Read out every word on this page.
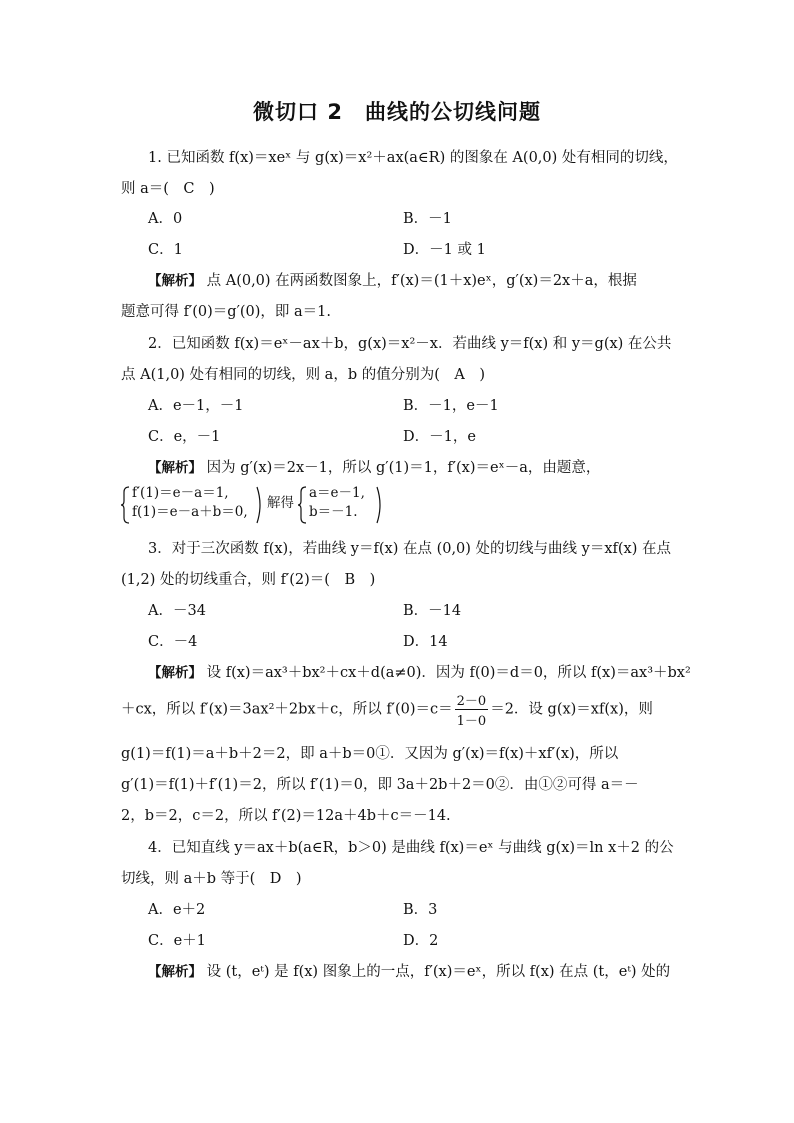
微切口 2　曲线的公切线问题
1. 已知函数 f(x)＝xeˣ 与 g(x)＝x²＋ax(a∈R) 的图象在 A(0,0) 处有相同的切线，
则 a＝(　C　)
A．0	B．－1
C．1	D．－1 或 1
【解析】 点 A(0,0) 在两函数图象上，f′(x)＝(1＋x)eˣ，g′(x)＝2x＋a，根据
题意可得 f′(0)＝g′(0)，即 a＝1.
2．已知函数 f(x)＝eˣ－ax＋b，g(x)＝x²－x．若曲线 y＝f(x) 和 y＝g(x) 在公共
点 A(1,0) 处有相同的切线，则 a，b 的值分别为(　A　)
A．e－1，－1	B．－1，e－1
C．e，－1	D．－1，e
【解析】 因为 g′(x)＝2x－1，所以 g′(1)＝1，f′(x)＝eˣ－a，由题意，
f′(1)＝e－a＝1,
f(1)＝e－a＋b＝0,
解得
a＝e－1,
b＝－1.
3．对于三次函数 f(x)，若曲线 y＝f(x) 在点 (0,0) 处的切线与曲线 y＝xf(x) 在点
(1,2) 处的切线重合，则 f′(2)＝(　B　)
A．－34	B．－14
C．－4	D．14
【解析】 设 f(x)＝ax³＋bx²＋cx＋d(a≠0)．因为 f(0)＝d＝0，所以 f(x)＝ax³＋bx²
＋cx，所以 f′(x)＝3ax²＋2bx＋c，所以 $f'(0)=c= \frac{2-0}{1-0} =2$．设 g(x)＝xf(x)，则
g(1)＝f(1)＝a＋b＋2＝2，即 a＋b＝0①．又因为 g′(x)＝f(x)＋xf′(x)，所以
g′(1)＝f(1)＋f′(1)＝2，所以 f′(1)＝0，即 3a＋2b＋2＝0②．由①②可得 a＝－
2，b＝2，c＝2，所以 f′(2)＝12a＋4b＋c＝－14.
4．已知直线 y＝ax＋b(a∈R，b＞0) 是曲线 f(x)＝eˣ 与曲线 g(x)＝ln x＋2 的公
切线，则 a＋b 等于(　D　)
A．e＋2	B．3
C．e＋1	D．2
【解析】 设 (t，eᵗ) 是 f(x) 图象上的一点，f′(x)＝eˣ，所以 f(x) 在点 (t，eᵗ) 处的
